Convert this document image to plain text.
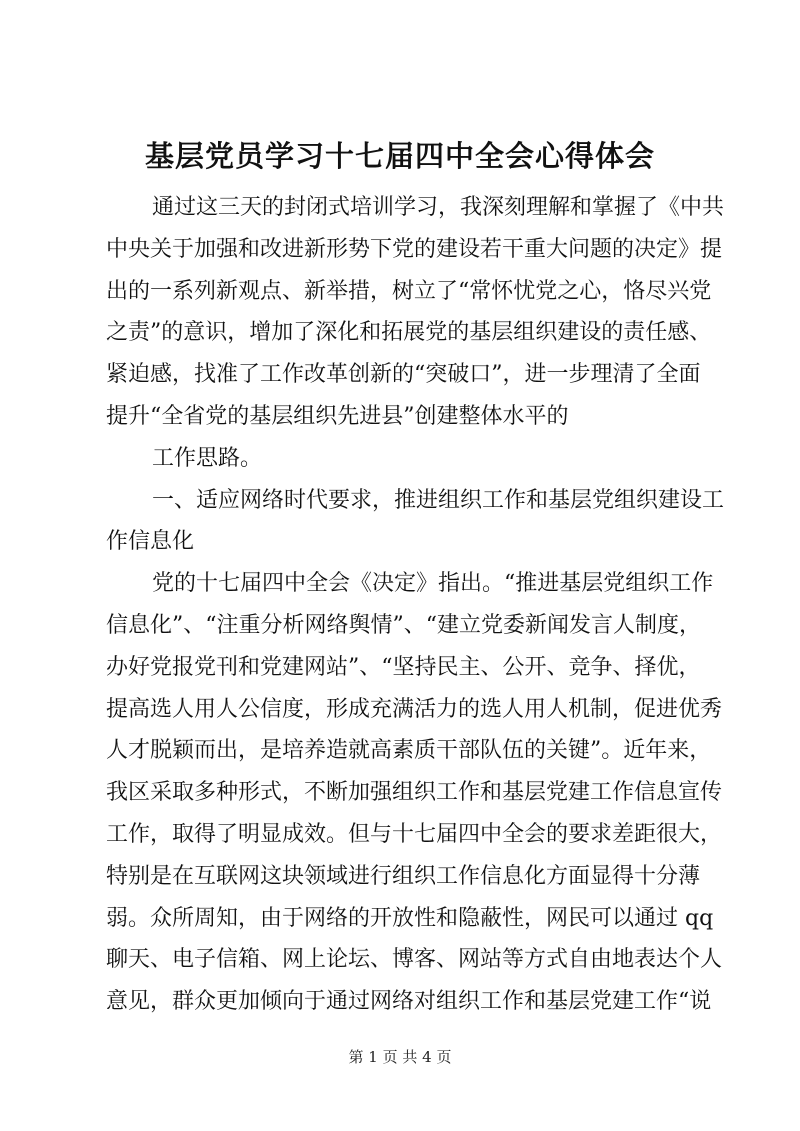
基层党员学习十七届四中全会心得体会
通过这三天的封闭式培训学习，我深刻理解和掌握了《中共
中央关于加强和改进新形势下党的建设若干重大问题的决定》提
出的一系列新观点、新举措，树立了“常怀忧党之心，恪尽兴党
之责”的意识，增加了深化和拓展党的基层组织建设的责任感、
紧迫感，找准了工作改革创新的“突破口”，进一步理清了全面
提升“全省党的基层组织先进县”创建整体水平的
工作思路。
一、适应网络时代要求，推进组织工作和基层党组织建设工
作信息化
党的十七届四中全会《决定》指出。“推进基层党组织工作
信息化”、“注重分析网络舆情”、“建立党委新闻发言人制度，
办好党报党刊和党建网站”、“坚持民主、公开、竞争、择优，
提高选人用人公信度，形成充满活力的选人用人机制，促进优秀
人才脱颖而出，是培养造就高素质干部队伍的关键”。近年来，
我区采取多种形式，不断加强组织工作和基层党建工作信息宣传
工作，取得了明显成效。但与十七届四中全会的要求差距很大，
特别是在互联网这块领域进行组织工作信息化方面显得十分薄
弱。众所周知，由于网络的开放性和隐蔽性，网民可以通过 qq
聊天、电子信箱、网上论坛、博客、网站等方式自由地表达个人
意见，群众更加倾向于通过网络对组织工作和基层党建工作“说
第 1 页 共 4 页
